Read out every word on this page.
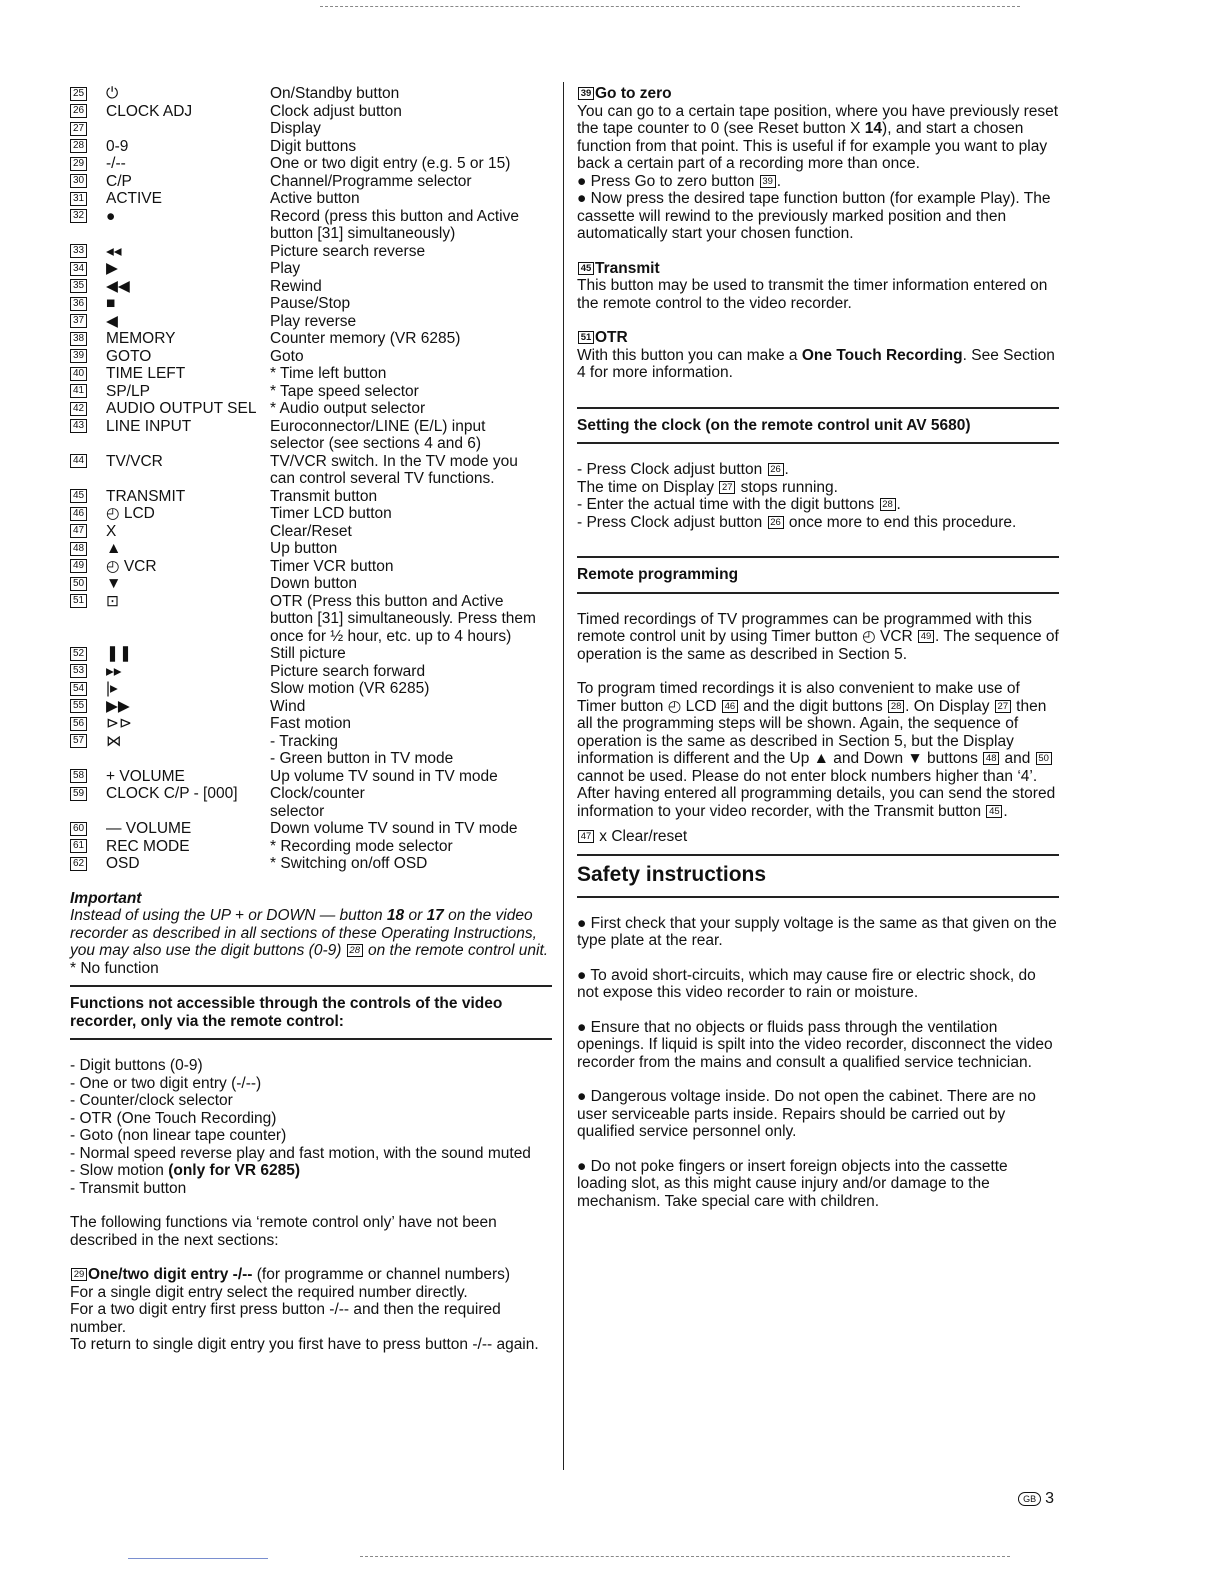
25	⏻	On/Standby button
26	CLOCK ADJ	Clock adjust button
27		Display
28	0-9	Digit buttons
29	-/--	One or two digit entry (e.g. 5 or 15)
30	C/P	Channel/Programme selector
31	ACTIVE	Active button
32	●	Record (press this button and Active
		button [31] simultaneously)
33	◂◂	Picture search reverse
34	▶	Play
35	◀◀	Rewind
36	■	Pause/Stop
37	◀	Play reverse
38	MEMORY	Counter memory (VR 6285)
39	GOTO	Goto
40	TIME LEFT	* Time left button
41	SP/LP	* Tape speed selector
42	AUDIO OUTPUT SEL	* Audio output selector
43	LINE INPUT	Euroconnector/LINE (E/L) input
		selector (see sections 4 and 6)
44	TV/VCR	TV/VCR switch. In the TV mode you
		can control several TV functions.
45	TRANSMIT	Transmit button
46	◴ LCD	Timer LCD button
47	X	Clear/Reset
48	▲	Up button
49	◴ VCR	Timer VCR button
50	▼	Down button
51	⊡	OTR (Press this button and Active
		button [31] simultaneously. Press them
		once for ½ hour, etc. up to 4 hours)
52	❚❚	Still picture
53	▸▸	Picture search forward
54	|▸	Slow motion (VR 6285)
55	▶▶	Wind
56	⊳⊳	Fast motion
57	⋈	- Tracking
		- Green button in TV mode
58	+ VOLUME	Up volume TV sound in TV mode
59	CLOCK C/P - [000]	Clock/counter
		selector
60	— VOLUME	Down volume TV sound in TV mode
61	REC MODE	* Recording mode selector
62	OSD	* Switching on/off OSD

Important

Instead of using the UP + or DOWN — button 18 or 17 on the video recorder as described in all sections of these Operating Instructions, you may also use the digit buttons (0-9) 28 on the remote control unit.

* No function

Functions not accessible through the controls of the video recorder, only via the remote control:

- Digit buttons (0-9)

- One or two digit entry (-/--)

- Counter/clock selector

- OTR (One Touch Recording)

- Goto (non linear tape counter)

- Normal speed reverse play and fast motion, with the sound muted

- Slow motion (only for VR 6285)

- Transmit button

The following functions via ‘remote control only’ have not been described in the next sections:

29 One/two digit entry -/-- (for programme or channel numbers)

For a single digit entry select the required number directly.

For a two digit entry first press button -/-- and then the required number.

To return to single digit entry you first have to press button -/-- again.

39 Go to zero

You can go to a certain tape position, where you have previously reset the tape counter to 0 (see Reset button X 14), and start a chosen function from that point. This is useful if for example you want to play back a certain part of a recording more than once.

● Press Go to zero button 39 .

● Now press the desired tape function button (for example Play). The cassette will rewind to the previously marked position and then automatically start your chosen function.

45 Transmit

This button may be used to transmit the timer information entered on the remote control to the video recorder.

51 OTR

With this button you can make a One Touch Recording. See Section 4 for more information.

Setting the clock (on the remote control unit AV 5680)

- Press Clock adjust button 26 .

The time on Display 27 stops running.

- Enter the actual time with the digit buttons 28 .

- Press Clock adjust button 26 once more to end this procedure.

Remote programming

Timed recordings of TV programmes can be programmed with this remote control unit by using Timer button ◴ VCR 49 . The sequence of operation is the same as described in Section 5.

To program timed recordings it is also convenient to make use of Timer button ◴ LCD 46 and the digit buttons 28 . On Display 27 then all the programming steps will be shown. Again, the sequence of operation is the same as described in Section 5, but the Display information is different and the Up ▲ and Down ▼ buttons 48 and 50 cannot be used. Please do not enter block numbers higher than ‘4’.

After having entered all programming details, you can send the stored information to your video recorder, with the Transmit button 45 .

47 x Clear/reset

Safety instructions

● First check that your supply voltage is the same as that given on the type plate at the rear.

● To avoid short-circuits, which may cause fire or electric shock, do not expose this video recorder to rain or moisture.

● Ensure that no objects or fluids pass through the ventilation openings. If liquid is spilt into the video recorder, disconnect the video recorder from the mains and consult a qualified service technician.

● Dangerous voltage inside. Do not open the cabinet. There are no user serviceable parts inside. Repairs should be carried out by qualified service personnel only.

● Do not poke fingers or insert foreign objects into the cassette loading slot, as this might cause injury and/or damage to the mechanism. Take special care with children.

GB 3
